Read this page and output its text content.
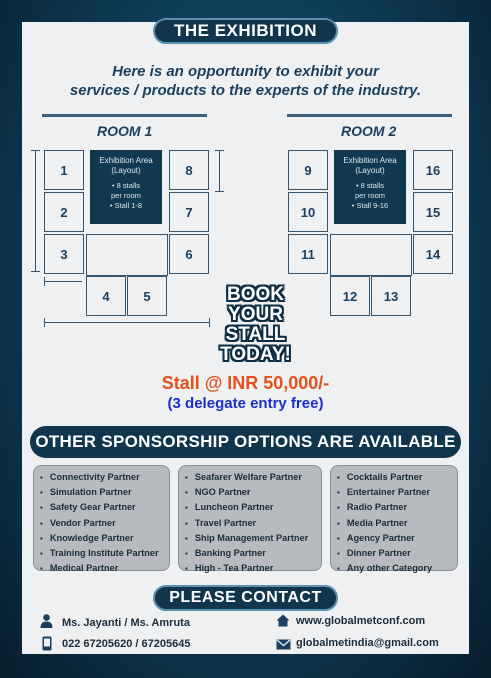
THE EXHIBITION
Here is an opportunity to exhibit your
services / products to the experts of the industry.
ROOM 1
1
2
3
4	5
6
7
8
Exhibition Area
(Layout)
• 8 stalls
per room
• Stall 1-8
ROOM 2
9
10
11
12	13
14
15
16
Exhibition Area
(Layout)
• 8 stalls
per room
• Stall 9-16
BOOK
YOUR
STALL
TODAY!
Stall @ INR 50,000/-
(3 delegate entry free)
OTHER SPONSORSHIP OPTIONS ARE AVAILABLE
▪ Connectivity Partner
▪ Simulation Partner
▪ Safety Gear Partner
▪ Vendor Partner
▪ Knowledge Partner
▪ Training Institute Partner
▪ Medical Partner
▪ Seafarer Welfare Partner
▪ NGO Partner
▪ Luncheon Partner
▪ Travel Partner
▪ Ship Management Partner
▪ Banking Partner
▪ High - Tea Partner
▪ Cocktails Partner
▪ Entertainer Partner
▪ Radio Partner
▪ Media Partner
▪ Agency Partner
▪ Dinner Partner
▪ Any other Category
PLEASE CONTACT
Ms. Jayanti / Ms. Amruta
022 67205620 / 67205645
www.globalmetconf.com
globalmetindia@gmail.com
